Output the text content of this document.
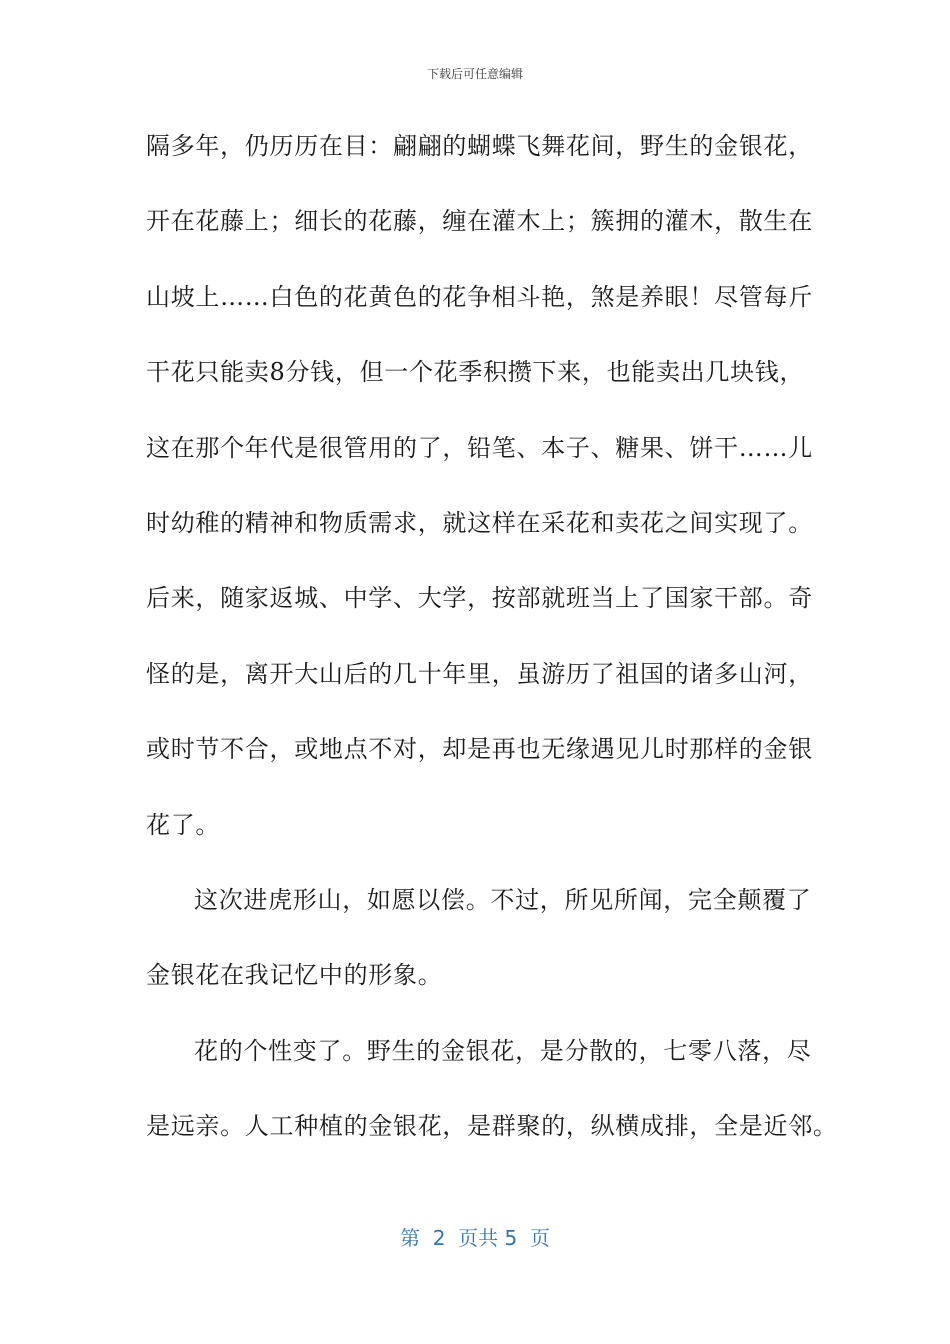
下载后可任意编辑
隔多年，仍历历在目：翩翩的蝴蝶飞舞花间，野生的金银花，
开在花藤上；细长的花藤，缠在灌木上；簇拥的灌木，散生在
山坡上……白色的花黄色的花争相斗艳，煞是养眼！尽管每斤
干花只能卖8分钱，但一个花季积攒下来，也能卖出几块钱，
这在那个年代是很管用的了，铅笔、本子、糖果、饼干……儿
时幼稚的精神和物质需求，就这样在采花和卖花之间实现了。
后来，随家返城、中学、大学，按部就班当上了国家干部。奇
怪的是，离开大山后的几十年里，虽游历了祖国的诸多山河，
或时节不合，或地点不对，却是再也无缘遇见儿时那样的金银
花了。
这次进虎形山，如愿以偿。不过，所见所闻，完全颠覆了
金银花在我记忆中的形象。
花的个性变了。野生的金银花，是分散的，七零八落，尽
是远亲。人工种植的金银花，是群聚的，纵横成排，全是近邻。
第  2  页共 5  页
